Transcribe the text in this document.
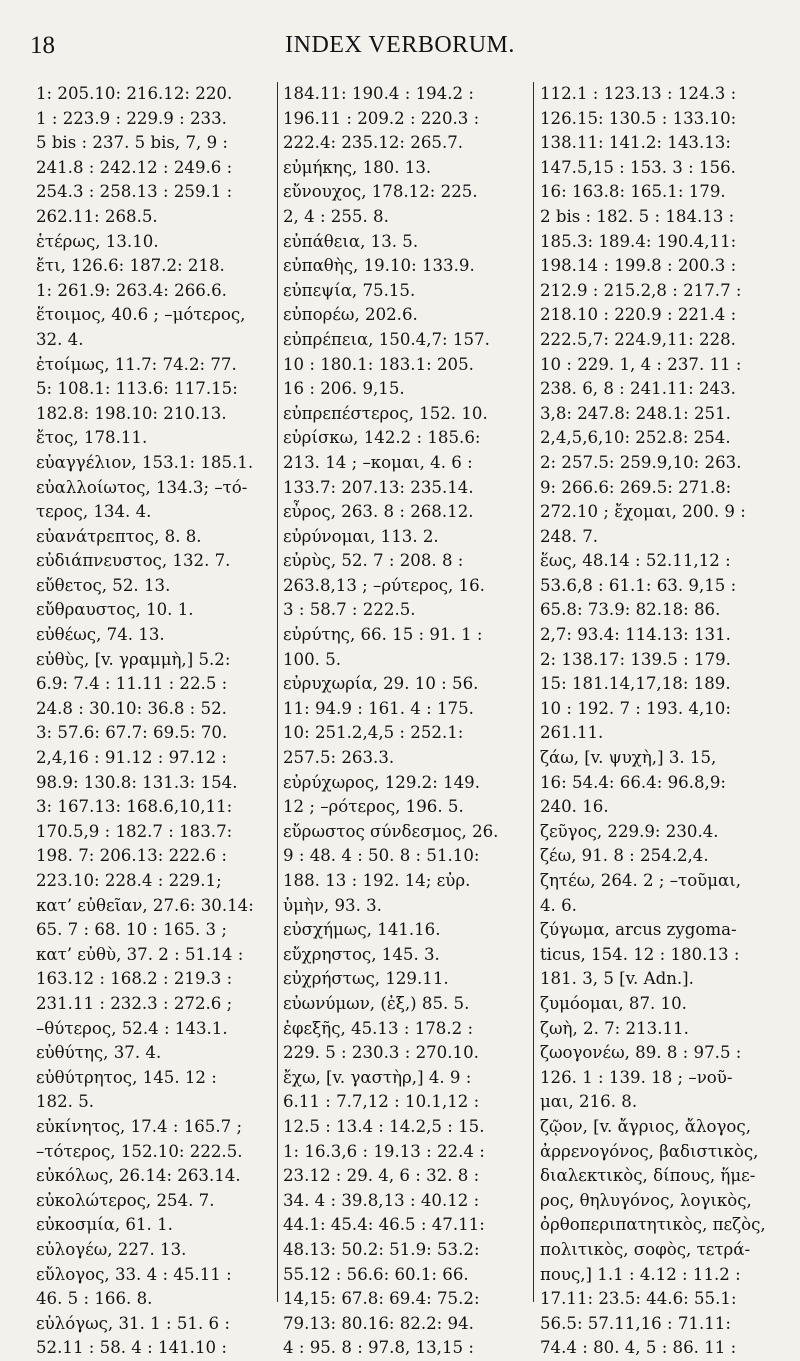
18	INDEX VERBORUM.
1: 205.10: 216.12: 220.
1 : 223.9 : 229.9 : 233.
5 bis : 237. 5 bis, 7, 9 :
241.8 : 242.12 : 249.6 :
254.3 : 258.13 : 259.1 :
262.11: 268.5.
ἑτέρως, 13.10.
ἔτι, 126.6: 187.2: 218.
1: 261.9: 263.4: 266.6.
ἕτοιμος, 40.6 ; –μότερος,
32. 4.
ἑτοίμως, 11.7: 74.2: 77.
5: 108.1: 113.6: 117.15:
182.8: 198.10: 210.13.
ἔτος, 178.11.
εὐαγγέλιον, 153.1: 185.1.
εὐαλλοίωτος, 134.3; –τό-
τερος, 134. 4.
εὐανάτρεπτος, 8. 8.
εὐδιάπνευστος, 132. 7.
εὔθετος, 52. 13.
εὔθραυστος, 10. 1.
εὐθέως, 74. 13.
εὐθὺς, [v. γραμμὴ,] 5.2:
6.9: 7.4 : 11.11 : 22.5 :
24.8 : 30.10: 36.8 : 52.
3: 57.6: 67.7: 69.5: 70.
2,4,16 : 91.12 : 97.12 :
98.9: 130.8: 131.3: 154.
3: 167.13: 168.6,10,11:
170.5,9 : 182.7 : 183.7:
198. 7: 206.13: 222.6 :
223.10: 228.4 : 229.1;
κατ’ εὐθεῖαν, 27.6: 30.14:
65. 7 : 68. 10 : 165. 3 ;
κατ’ εὐθὺ, 37. 2 : 51.14 :
163.12 : 168.2 : 219.3 :
231.11 : 232.3 : 272.6 ;
–θύτερος, 52.4 : 143.1.
εὐθύτης, 37. 4.
εὐθύτρητος, 145. 12 :
182. 5.
εὐκίνητος, 17.4 : 165.7 ;
–τότερος, 152.10: 222.5.
εὐκόλως, 26.14: 263.14.
εὐκολώτερος, 254. 7.
εὐκοσμία, 61. 1.
εὐλογέω, 227. 13.
εὔλογος, 33. 4 : 45.11 :
46. 5 : 166. 8.
εὐλόγως, 31. 1 : 51. 6 :
52.11 : 58. 4 : 141.10 :
184.11: 190.4 : 194.2 :
196.11 : 209.2 : 220.3 :
222.4: 235.12: 265.7.
εὐμήκης, 180. 13.
εὔνουχος, 178.12: 225.
2, 4 : 255. 8.
εὐπάθεια, 13. 5.
εὐπαθὴς, 19.10: 133.9.
εὐπεψία, 75.15.
εὐπορέω, 202.6.
εὐπρέπεια, 150.4,7: 157.
10 : 180.1: 183.1: 205.
16 : 206. 9,15.
εὐπρεπέστερος, 152. 10.
εὑρίσκω, 142.2 : 185.6:
213. 14 ; –κομαι, 4. 6 :
133.7: 207.13: 235.14.
εὖρος, 263. 8 : 268.12.
εὐρύνομαι, 113. 2.
εὐρὺς, 52. 7 : 208. 8 :
263.8,13 ; –ρύτερος, 16.
3 : 58.7 : 222.5.
εὐρύτης, 66. 15 : 91. 1 :
100. 5.
εὐρυχωρία, 29. 10 : 56.
11: 94.9 : 161. 4 : 175.
10: 251.2,4,5 : 252.1:
257.5: 263.3.
εὐρύχωρος, 129.2: 149.
12 ; –ρότερος, 196. 5.
εὔρωστος σύνδεσμος, 26.
9 : 48. 4 : 50. 8 : 51.10:
188. 13 : 192. 14; εὐρ.
ὑμὴν, 93. 3.
εὐσχήμως, 141.16.
εὔχρηστος, 145. 3.
εὐχρήστως, 129.11.
εὐωνύμων, (ἐξ,) 85. 5.
ἐφεξῆς, 45.13 : 178.2 :
229. 5 : 230.3 : 270.10.
ἔχω, [v. γαστὴρ,] 4. 9 :
6.11 : 7.7,12 : 10.1,12 :
12.5 : 13.4 : 14.2,5 : 15.
1: 16.3,6 : 19.13 : 22.4 :
23.12 : 29. 4, 6 : 32. 8 :
34. 4 : 39.8,13 : 40.12 :
44.1: 45.4: 46.5 : 47.11:
48.13: 50.2: 51.9: 53.2:
55.12 : 56.6: 60.1: 66.
14,15: 67.8: 69.4: 75.2:
79.13: 80.16: 82.2: 94.
4 : 95. 8 : 97.8, 13,15 :
112.1 : 123.13 : 124.3 :
126.15: 130.5 : 133.10:
138.11: 141.2: 143.13:
147.5,15 : 153. 3 : 156.
16: 163.8: 165.1: 179.
2 bis : 182. 5 : 184.13 :
185.3: 189.4: 190.4,11:
198.14 : 199.8 : 200.3 :
212.9 : 215.2,8 : 217.7 :
218.10 : 220.9 : 221.4 :
222.5,7: 224.9,11: 228.
10 : 229. 1, 4 : 237. 11 :
238. 6, 8 : 241.11: 243.
3,8: 247.8: 248.1: 251.
2,4,5,6,10: 252.8: 254.
2: 257.5: 259.9,10: 263.
9: 266.6: 269.5: 271.8:
272.10 ; ἔχομαι, 200. 9 :
248. 7.
ἕως, 48.14 : 52.11,12 :
53.6,8 : 61.1: 63. 9,15 :
65.8: 73.9: 82.18: 86.
2,7: 93.4: 114.13: 131.
2: 138.17: 139.5 : 179.
15: 181.14,17,18: 189.
10 : 192. 7 : 193. 4,10:
261.11.
ζάω, [v. ψυχὴ,] 3. 15,
16: 54.4: 66.4: 96.8,9:
240. 16.
ζεῦγος, 229.9: 230.4.
ζέω, 91. 8 : 254.2,4.
ζητέω, 264. 2 ; –τοῦμαι,
4. 6.
ζύγωμα, arcus zygoma-
ticus, 154. 12 : 180.13 :
181. 3, 5 [v. Adn.].
ζυμόομαι, 87. 10.
ζωὴ, 2. 7: 213.11.
ζωογονέω, 89. 8 : 97.5 :
126. 1 : 139. 18 ; –νοῦ-
μαι, 216. 8.
ζῷον, [v. ἄγριος, ἄλογος,
ἀρρενογόνος, βαδιστικὸς,
διαλεκτικὸς, δίπους, ἥμε-
ρος, θηλυγόνος, λογικὸς,
ὀρθοπεριπατητικὸς, πεζὸς,
πολιτικὸς, σοφὸς, τετρά-
πους,] 1.1 : 4.12 : 11.2 :
17.11: 23.5: 44.6: 55.1:
56.5: 57.11,16 : 71.11:
74.4 : 80. 4, 5 : 86. 11 :
